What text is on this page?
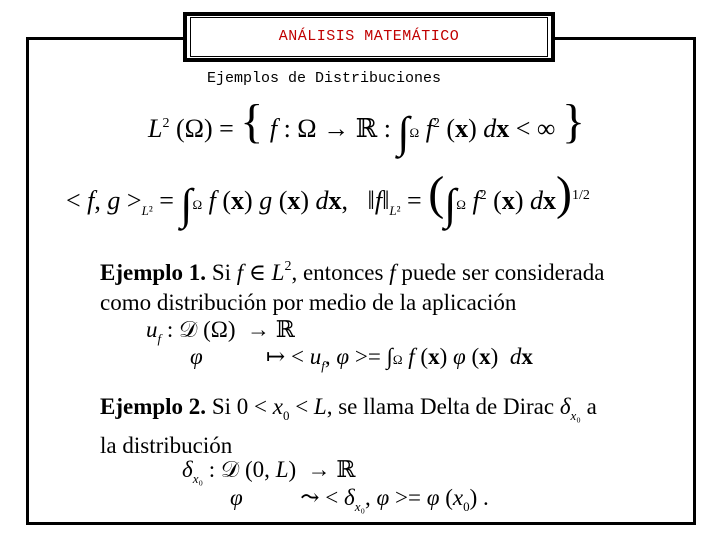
ANÁLISIS MATEMÁTICO
Ejemplos de Distribuciones
$L^2$ (Ω) = { f : Ω → ℝ : ∫Ω $f^2$ (x) dx < ∞ }
< f, $g >_{L^2} = \int\Omega$ f (x) g (x) dx,   $‖f‖_{L^2} = (\int\Omega$ $f^2$ (x) dx)$^{1/2}$
Ejemplo 1. Si f ∈ $L^2$, entonces f puede ser considerada
como distribución por medio de la aplicación
$u_f$ : 𝒟 (Ω)  → ℝ
φ           ↦ < $u_f$, φ >= ∫Ω f (x) φ (x)  dx
Ejemplo 2. Si $0 < x_0 < L$, se llama Delta de Dirac $\delta_{x_0}$ a
la distribución
$\delta_{x_0}$ : 𝒟 (0, L)  → ℝ
φ          ⤳ < $\delta_{x_0}$, φ >= φ $(x_0)$ .
